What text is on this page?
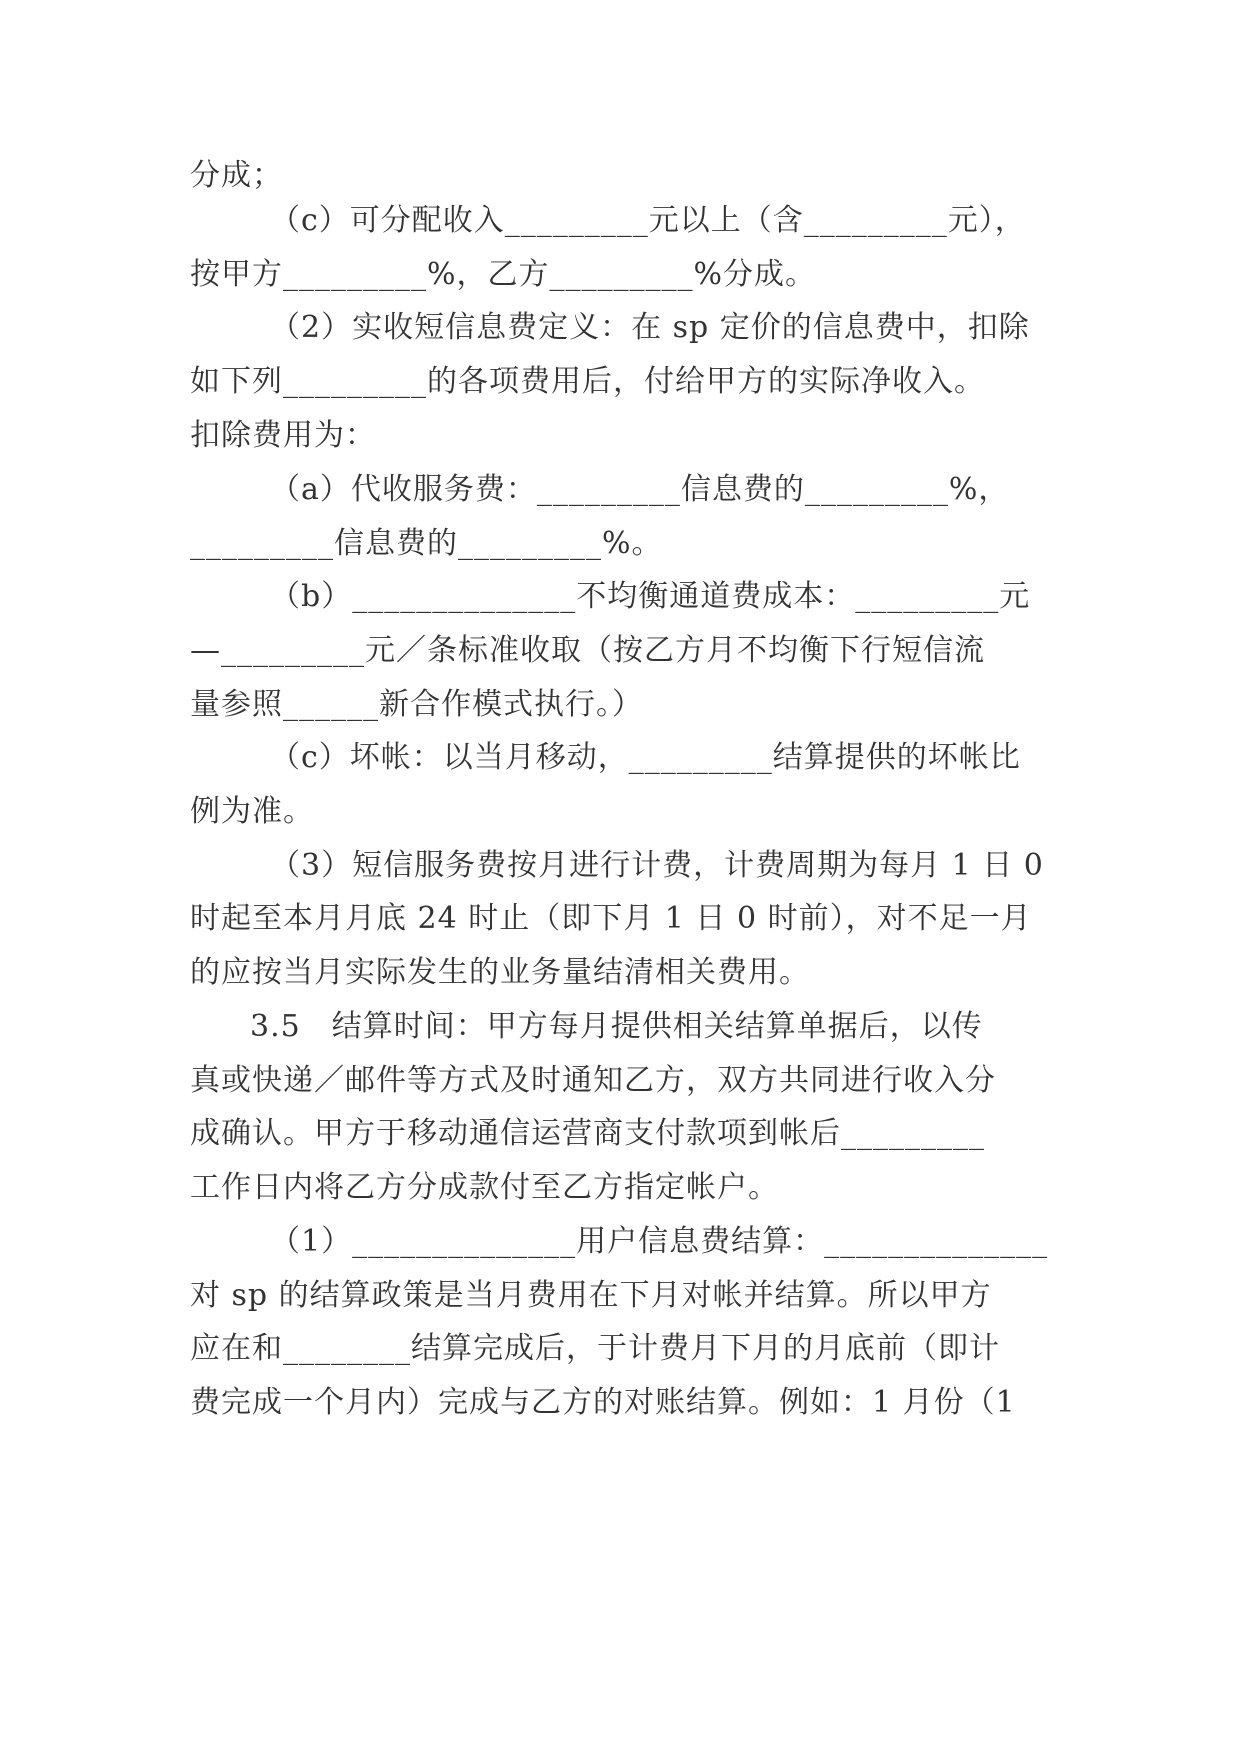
分成；
（c）可分配收入_________元以上（含_________元），
按甲方_________%，乙方_________%分成。
（2）实收短信息费定义：在 sp 定价的信息费中，扣除
如下列_________的各项费用后，付给甲方的实际净收入。
扣除费用为：
（a）代收服务费：_________信息费的_________%，
_________信息费的_________%。
（b）______________不均衡通道费成本：_________元
—_________元／条标准收取（按乙方月不均衡下行短信流
量参照______新合作模式执行。）
（c）坏帐：以当月移动，_________结算提供的坏帐比
例为准。
（3）短信服务费按月进行计费，计费周期为每月 1 日 0
时起至本月月底 24 时止（即下月 1 日 0 时前），对不足一月
的应按当月实际发生的业务量结清相关费用。
3.5　结算时间：甲方每月提供相关结算单据后，以传
真或快递／邮件等方式及时通知乙方，双方共同进行收入分
成确认。甲方于移动通信运营商支付款项到帐后_________
工作日内将乙方分成款付至乙方指定帐户。
（1）______________用户信息费结算：______________
对 sp 的结算政策是当月费用在下月对帐并结算。所以甲方
应在和________结算完成后，于计费月下月的月底前（即计
费完成一个月内）完成与乙方的对账结算。例如：1 月份（1
